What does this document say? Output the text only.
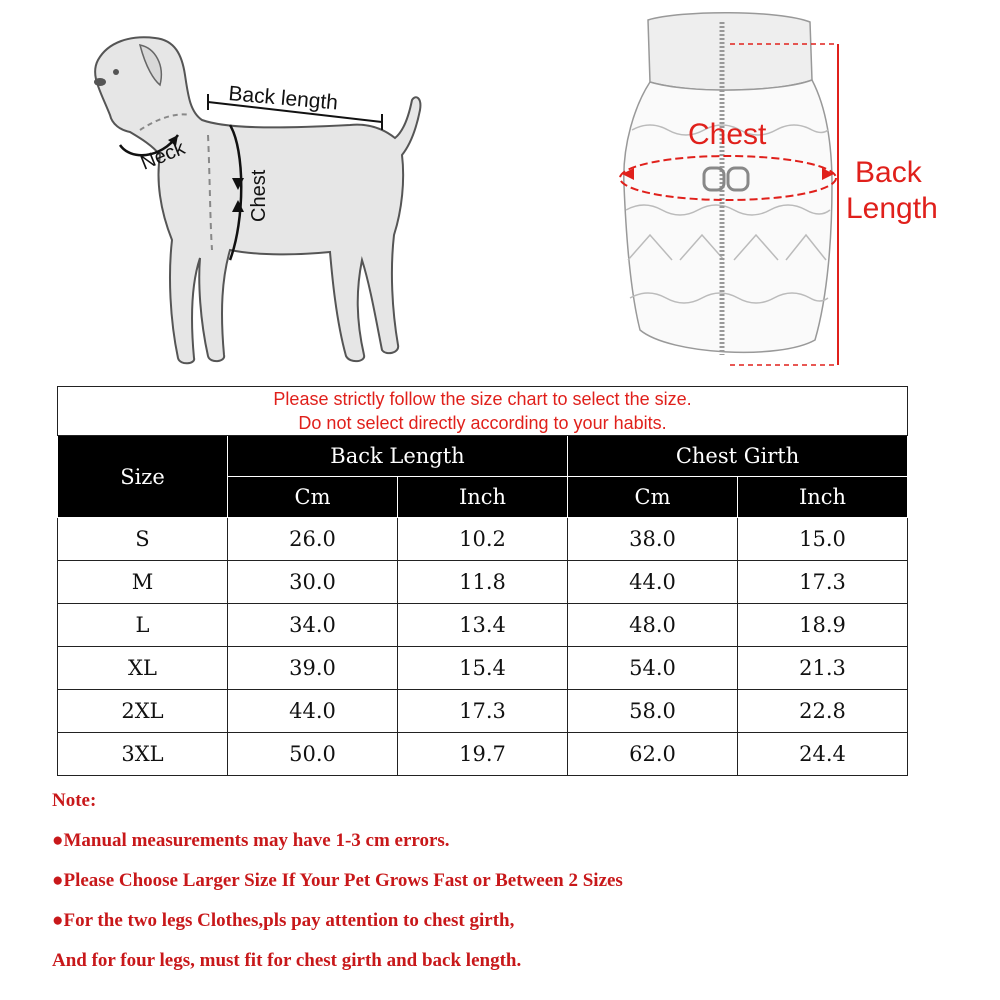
Back length
Neck
Chest
Chest
Back
Length
Please strictly follow the size chart to select the size.
Do not select directly according to your habits.				

Size	Back Length		Chest Girth	
	Cm	Inch	Cm	Inch
S	26.0	10.2	38.0	15.0
M	30.0	11.8	44.0	17.3
L	34.0	13.4	48.0	18.9
XL	39.0	15.4	54.0	21.3
2XL	44.0	17.3	58.0	22.8
3XL	50.0	19.7	62.0	24.4
Note:
●Manual measurements may have 1-3 cm errors.
●Please Choose Larger Size If Your Pet Grows Fast or Between 2 Sizes
●For the two legs Clothes,pls pay attention to chest girth,
And for four legs, must fit for chest girth and back length.
